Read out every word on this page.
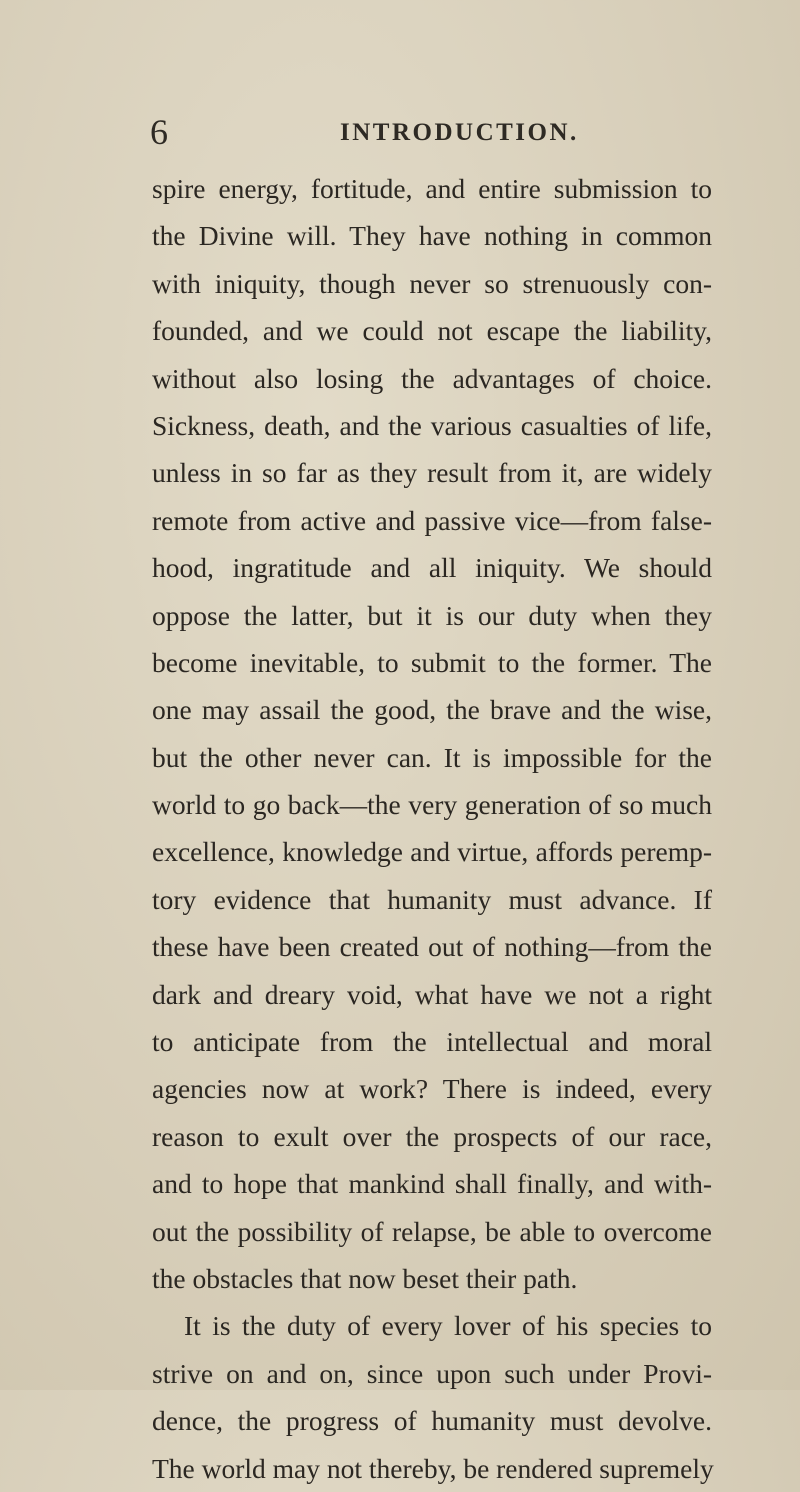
6	INTRODUCTION.
spire energy, fortitude, and entire submission to
the Divine will. They have nothing in common
with iniquity, though never so strenuously con-
founded, and we could not escape the liability,
without also losing the advantages of choice.
Sickness, death, and the various casualties of life,
unless in so far as they result from it, are widely
remote from active and passive vice—from false-
hood, ingratitude and all iniquity. We should
oppose the latter, but it is our duty when they
become inevitable, to submit to the former. The
one may assail the good, the brave and the wise,
but the other never can. It is impossible for the
world to go back—the very generation of so much
excellence, knowledge and virtue, affords peremp-
tory evidence that humanity must advance. If
these have been created out of nothing—from the
dark and dreary void, what have we not a right
to anticipate from the intellectual and moral
agencies now at work? There is indeed, every
reason to exult over the prospects of our race,
and to hope that mankind shall finally, and with-
out the possibility of relapse, be able to overcome
the obstacles that now beset their path.
It is the duty of every lover of his species to
strive on and on, since upon such under Provi-
dence, the progress of humanity must devolve.
The world may not thereby, be rendered supremely
